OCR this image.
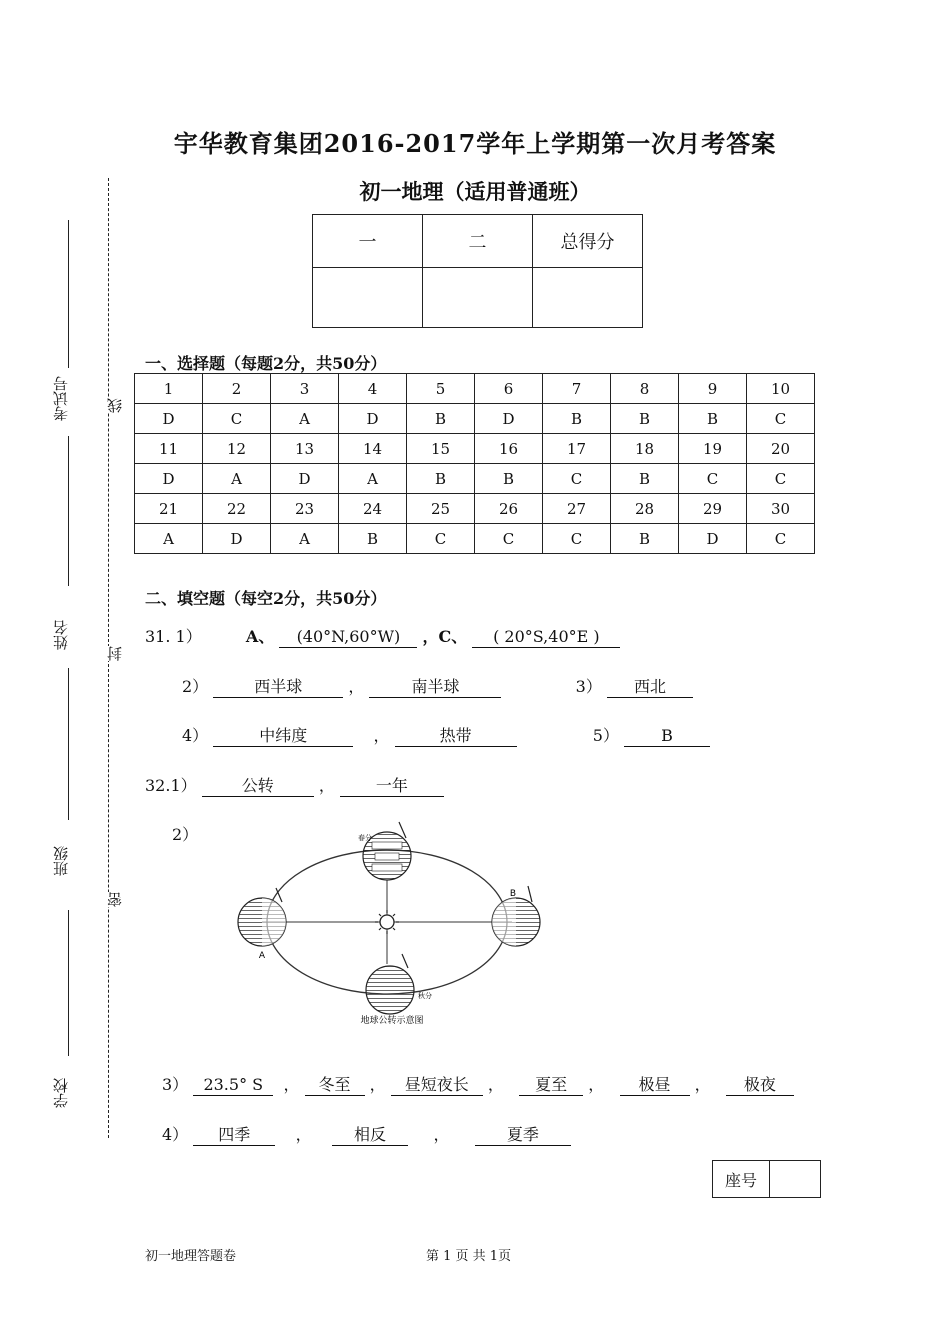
考试号
姓名
班级
学校
线
封
密
宇华教育集团2016-2017学年上学期第一次月考答案
初一地理（适用普通班）
一	二	总得分

一、选择题（每题2分，共50分）
1	2	3	4	5	6	7	8	9	10
D	C	A	D	B	D	B	B	B	C
11	12	13	14	15	16	17	18	19	20
D	A	D	A	B	B	C	B	C	C
21	22	23	24	25	26	27	28	29	30
A	D	A	B	C	C	C	B	D	C
二、填空题（每空2分，共50分）
31. 1）	A、 (40°N,60°W) ，C、 ( 20°S,40°E )
2）	西半球	，	南半球	3） 西北
4）	中纬度	，	热带	5）	B
32.1）	公转	，	一年
2）
A
B
春分
秋分
地球公转示意图
3） 23.5° S  ， 冬至 ， 昼短夜长 ，   夏至 ，   极昼 ，   极夜
4） 四季    ，    相反     ，     夏季
座号	
初一地理答题卷	第 1 页 共 1页
